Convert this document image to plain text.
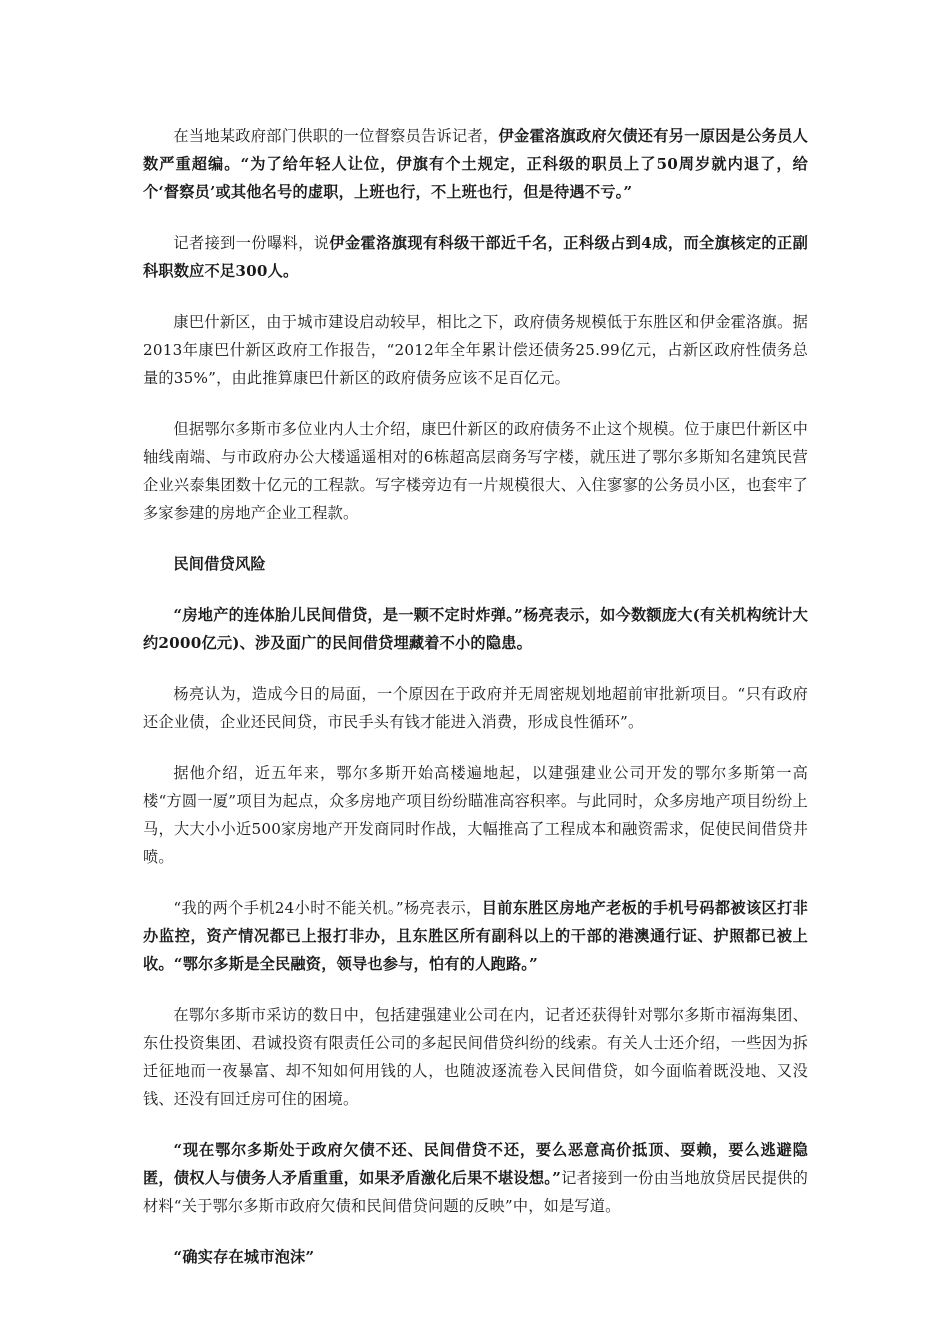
在当地某政府部门供职的一位督察员告诉记者，伊金霍洛旗政府欠债还有另一原因是公务员人数严重超编。“为了给年轻人让位，伊旗有个土规定，正科级的职员上了50周岁就内退了，给个‘督察员’或其他名号的虚职，上班也行，不上班也行，但是待遇不亏。”

记者接到一份曝料，说伊金霍洛旗现有科级干部近千名，正科级占到4成，而全旗核定的正副科职数应不足300人。

康巴什新区，由于城市建设启动较早，相比之下，政府债务规模低于东胜区和伊金霍洛旗。据2013年康巴什新区政府工作报告，“2012年全年累计偿还债务25.99亿元，占新区政府性债务总量的35%”，由此推算康巴什新区的政府债务应该不足百亿元。

但据鄂尔多斯市多位业内人士介绍，康巴什新区的政府债务不止这个规模。位于康巴什新区中轴线南端、与市政府办公大楼遥遥相对的6栋超高层商务写字楼，就压进了鄂尔多斯知名建筑民营企业兴泰集团数十亿元的工程款。写字楼旁边有一片规模很大、入住寥寥的公务员小区，也套牢了多家参建的房地产企业工程款。

民间借贷风险

“房地产的连体胎儿民间借贷，是一颗不定时炸弹。”杨亮表示，如今数额庞大(有关机构统计大约2000亿元)、涉及面广的民间借贷埋藏着不小的隐患。

杨亮认为，造成今日的局面，一个原因在于政府并无周密规划地超前审批新项目。“只有政府还企业债，企业还民间贷，市民手头有钱才能进入消费，形成良性循环”。

据他介绍，近五年来，鄂尔多斯开始高楼遍地起，以建强建业公司开发的鄂尔多斯第一高楼“方圆一厦”项目为起点，众多房地产项目纷纷瞄准高容积率。与此同时，众多房地产项目纷纷上马，大大小小近500家房地产开发商同时作战，大幅推高了工程成本和融资需求，促使民间借贷井喷。

“我的两个手机24小时不能关机。”杨亮表示，目前东胜区房地产老板的手机号码都被该区打非办监控，资产情况都已上报打非办，且东胜区所有副科以上的干部的港澳通行证、护照都已被上收。“鄂尔多斯是全民融资，领导也参与，怕有的人跑路。”

在鄂尔多斯市采访的数日中，包括建强建业公司在内，记者还获得针对鄂尔多斯市福海集团、东仕投资集团、君诚投资有限责任公司的多起民间借贷纠纷的线索。有关人士还介绍，一些因为拆迁征地而一夜暴富、却不知如何用钱的人，也随波逐流卷入民间借贷，如今面临着既没地、又没钱、还没有回迁房可住的困境。

“现在鄂尔多斯处于政府欠债不还、民间借贷不还，要么恶意高价抵顶、耍赖，要么逃避隐匿，债权人与债务人矛盾重重，如果矛盾激化后果不堪设想。”记者接到一份由当地放贷居民提供的材料“关于鄂尔多斯市政府欠债和民间借贷问题的反映”中，如是写道。

“确实存在城市泡沫”
